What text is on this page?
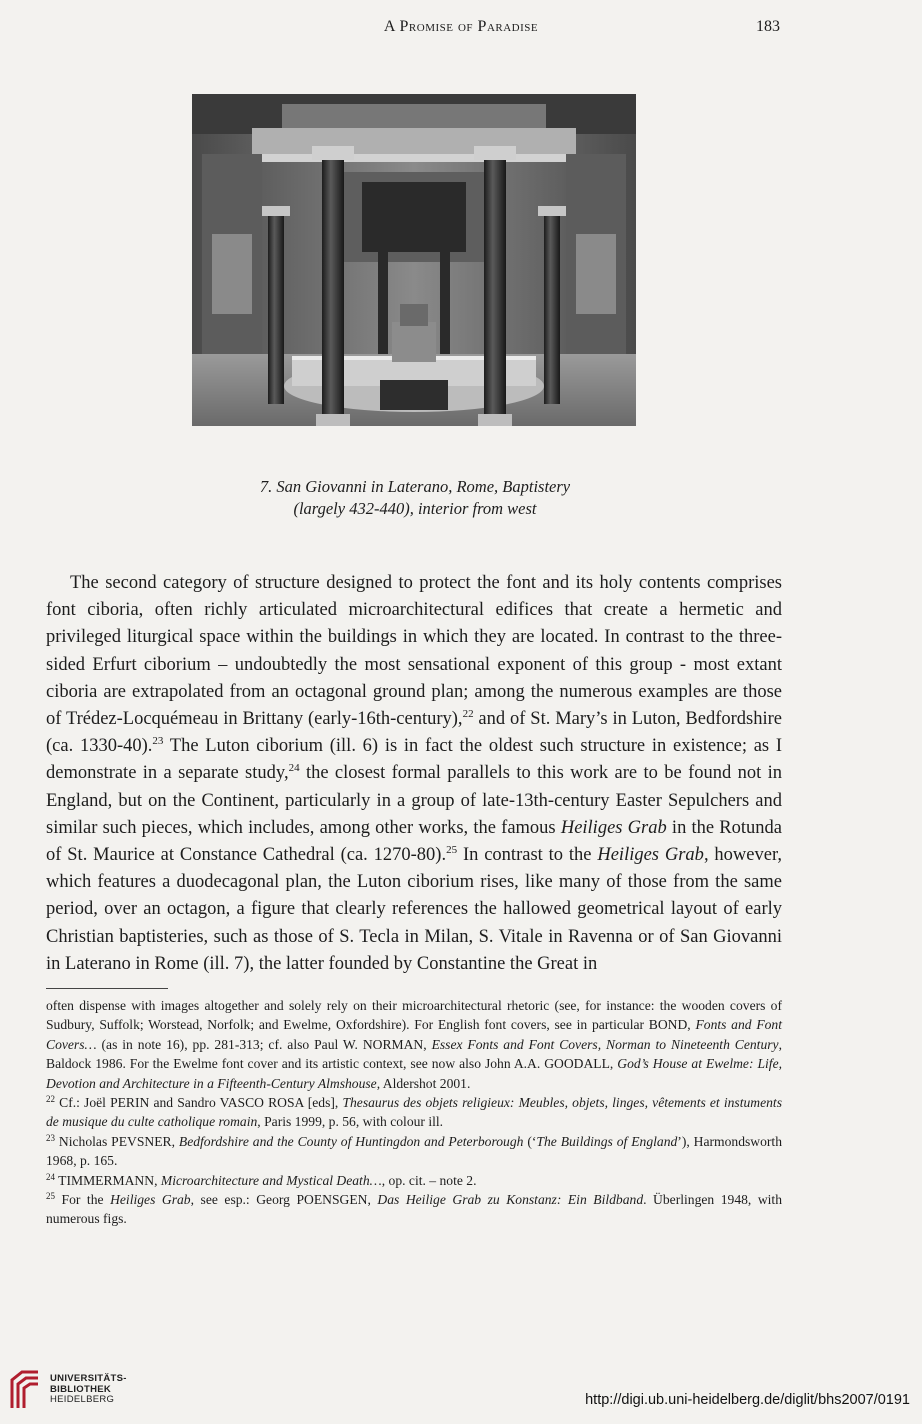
A Promise of Paradise	183
7. San Giovanni in Laterano, Rome, Baptistery
(largely 432-440), interior from west

The second category of structure designed to protect the font and its holy contents comprises font ciboria, often richly articulated microarchitectural edifices that create a hermetic and privileged liturgical space within the buildings in which they are located. In contrast to the three-sided Erfurt ciborium – undoubtedly the most sensational exponent of this group - most extant ciboria are extrapolated from an octagonal ground plan; among the numerous examples are those of Trédez-Locquémeau in Brittany (early-16th-century),$^{22}$ and of St. Mary’s in Luton, Bedfordshire (ca. 1330-40).$^{23}$ The Luton ciborium (ill. 6) is in fact the oldest such structure in existence; as I demonstrate in a separate study,$^{24}$ the closest formal parallels to this work are to be found not in England, but on the Continent, particularly in a group of late-13th-century Easter Sepulchers and similar such pieces, which includes, among other works, the famous Heiliges Grab in the Rotunda of St. Maurice at Constance Cathedral (ca. 1270-80).$^{25}$ In contrast to the Heiliges Grab, however, which features a duodecagonal plan, the Luton ciborium rises, like many of those from the same period, over an octagon, a figure that clearly references the hallowed geometrical layout of early Christian baptisteries, such as those of S. Tecla in Milan, S. Vitale in Ravenna or of San Giovanni in Laterano in Rome (ill. 7), the latter founded by Constantine the Great in

often dispense with images altogether and solely rely on their microarchitectural rhetoric (see, for instance: the wooden covers of Sudbury, Suffolk; Worstead, Norfolk; and Ewelme, Oxfordshire). For English font covers, see in particular BOND, Fonts and Font Covers… (as in note 16), pp. 281-313; cf. also Paul W. NORMAN, Essex Fonts and Font Covers, Norman to Nineteenth Century, Baldock 1986. For the Ewelme font cover and its artistic context, see now also John A.A. GOODALL, God’s House at Ewelme: Life, Devotion and Architecture in a Fifteenth-Century Almshouse, Aldershot 2001.

$^{22}$ Cf.: Joël PERIN and Sandro VASCO ROSA [eds], Thesaurus des objets religieux: Meubles, objets, linges, vêtements et instuments de musique du culte catholique romain, Paris 1999, p. 56, with colour ill.

$^{23}$ Nicholas PEVSNER, Bedfordshire and the County of Huntingdon and Peterborough (‘The Buildings of England’), Harmondsworth 1968, p. 165.

$^{24}$ TIMMERMANN, Microarchitecture and Mystical Death…, op. cit. – note 2.

$^{25}$ For the Heiliges Grab, see esp.: Georg POENSGEN, Das Heilige Grab zu Konstanz: Ein Bildband. Überlingen 1948, with numerous figs.

UNIVERSITÄTS-
BIBLIOTHEK
HEIDELBERG	http://digi.ub.uni-heidelberg.de/diglit/bhs2007/0191
